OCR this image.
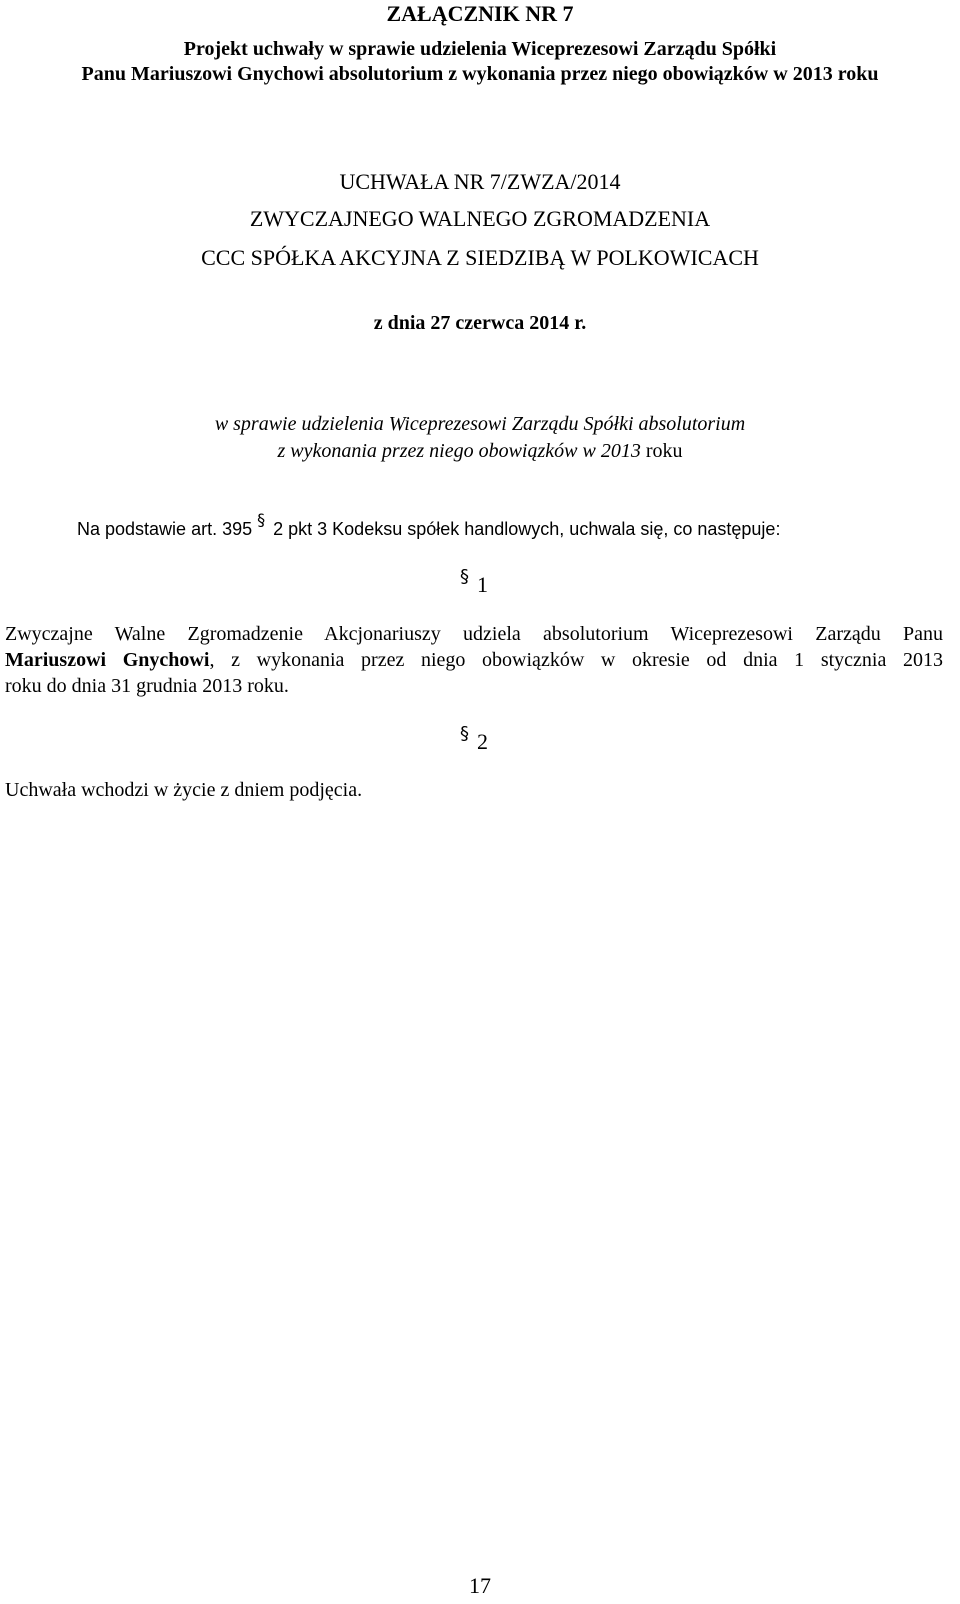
ZAŁĄCZNIK NR 7
Projekt uchwały w sprawie udzielenia Wiceprezesowi Zarządu Spółki
Panu Mariuszowi Gnychowi absolutorium z wykonania przez niego obowiązków w 2013 roku
UCHWAŁA NR 7/ZWZA/2014
ZWYCZAJNEGO WALNEGO ZGROMADZENIA
CCC SPÓŁKA AKCYJNA Z SIEDZIBĄ W POLKOWICACH
z dnia 27 czerwca 2014 r.
w sprawie udzielenia Wiceprezesowi Zarządu Spółki absolutorium
z wykonania przez niego obowiązków w 2013 roku
Na podstawie art. 395 § 2 pkt 3 Kodeksu spółek handlowych, uchwala się, co następuje:
§ 1
Zwyczajne Walne Zgromadzenie Akcjonariuszy udziela absolutorium Wiceprezesowi Zarządu Panu
Mariuszowi Gnychowi, z wykonania przez niego obowiązków w okresie od dnia 1 stycznia 2013
roku do dnia 31 grudnia 2013 roku.
§ 2
Uchwała wchodzi w życie z dniem podjęcia.
17
